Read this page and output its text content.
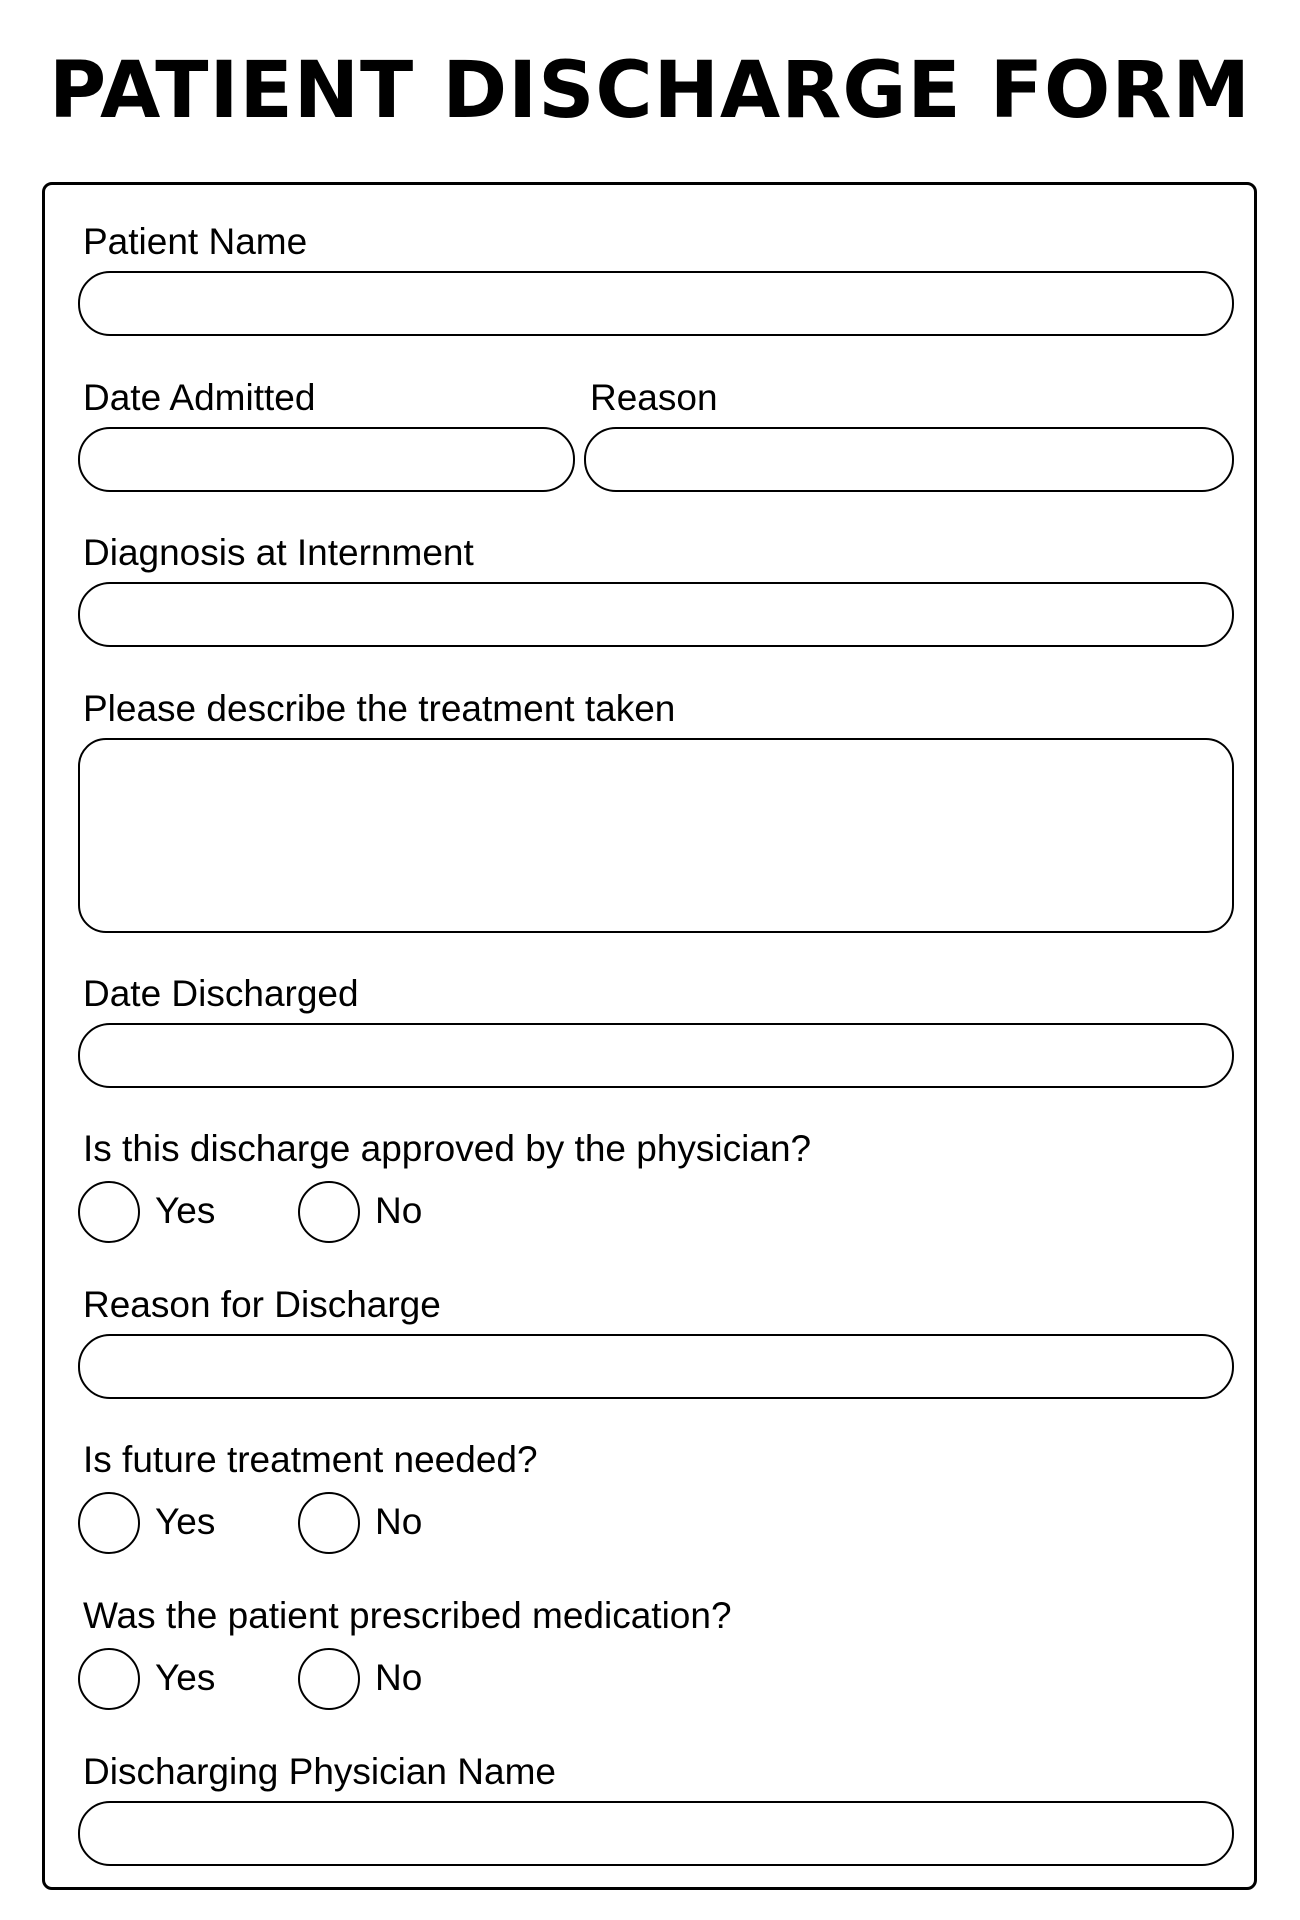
PATIENT DISCHARGE FORM
Patient Name
Date Admitted	Reason
Diagnosis at Internment
Please describe the treatment taken
Date Discharged
Is this discharge approved by the physician?
Yes	No
Reason for Discharge
Is future treatment needed?
Yes	No
Was the patient prescribed medication?
Yes	No
Discharging Physician Name
